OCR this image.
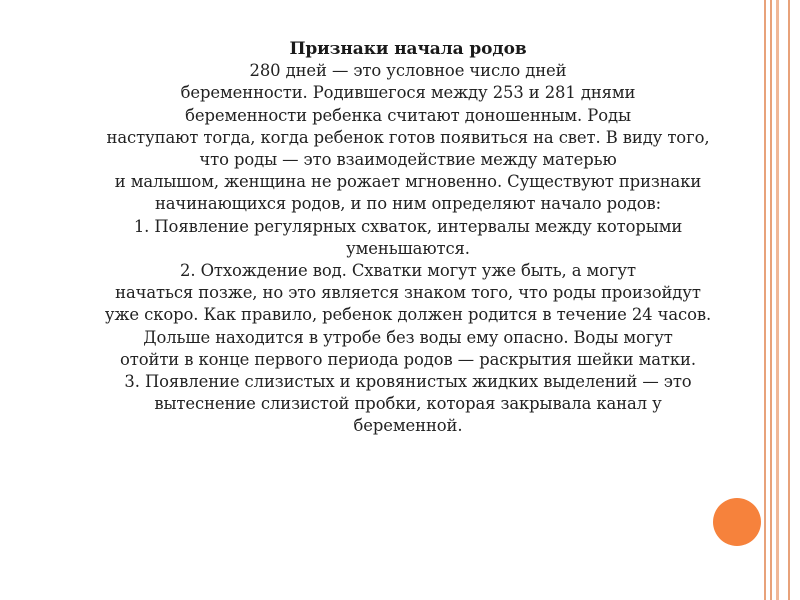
Признаки начала родов
280 дней — это условное число дней
беременности. Родившегося между 253 и 281 днями
беременности ребенка считают доношенным. Роды
наступают тогда, когда ребенок готов появиться на свет. В виду того,
что роды — это взаимодействие между матерью
и малышом, женщина не рожает мгновенно. Существуют признаки
начинающихся родов, и по ним определяют начало родов:
1. Появление регулярных схваток, интервалы между которыми
уменьшаются.
2. Отхождение вод. Схватки могут уже быть, а могут
начаться позже, но это является знаком того, что роды произойдут
уже скоро. Как правило, ребенок должен родится в течение 24 часов.
Дольше находится в утробе без воды ему опасно. Воды могут
отойти в конце первого периода родов — раскрытия шейки матки.
3. Появление слизистых и кровянистых жидких выделений — это
вытеснение слизистой пробки, которая закрывала канал у
беременной.
